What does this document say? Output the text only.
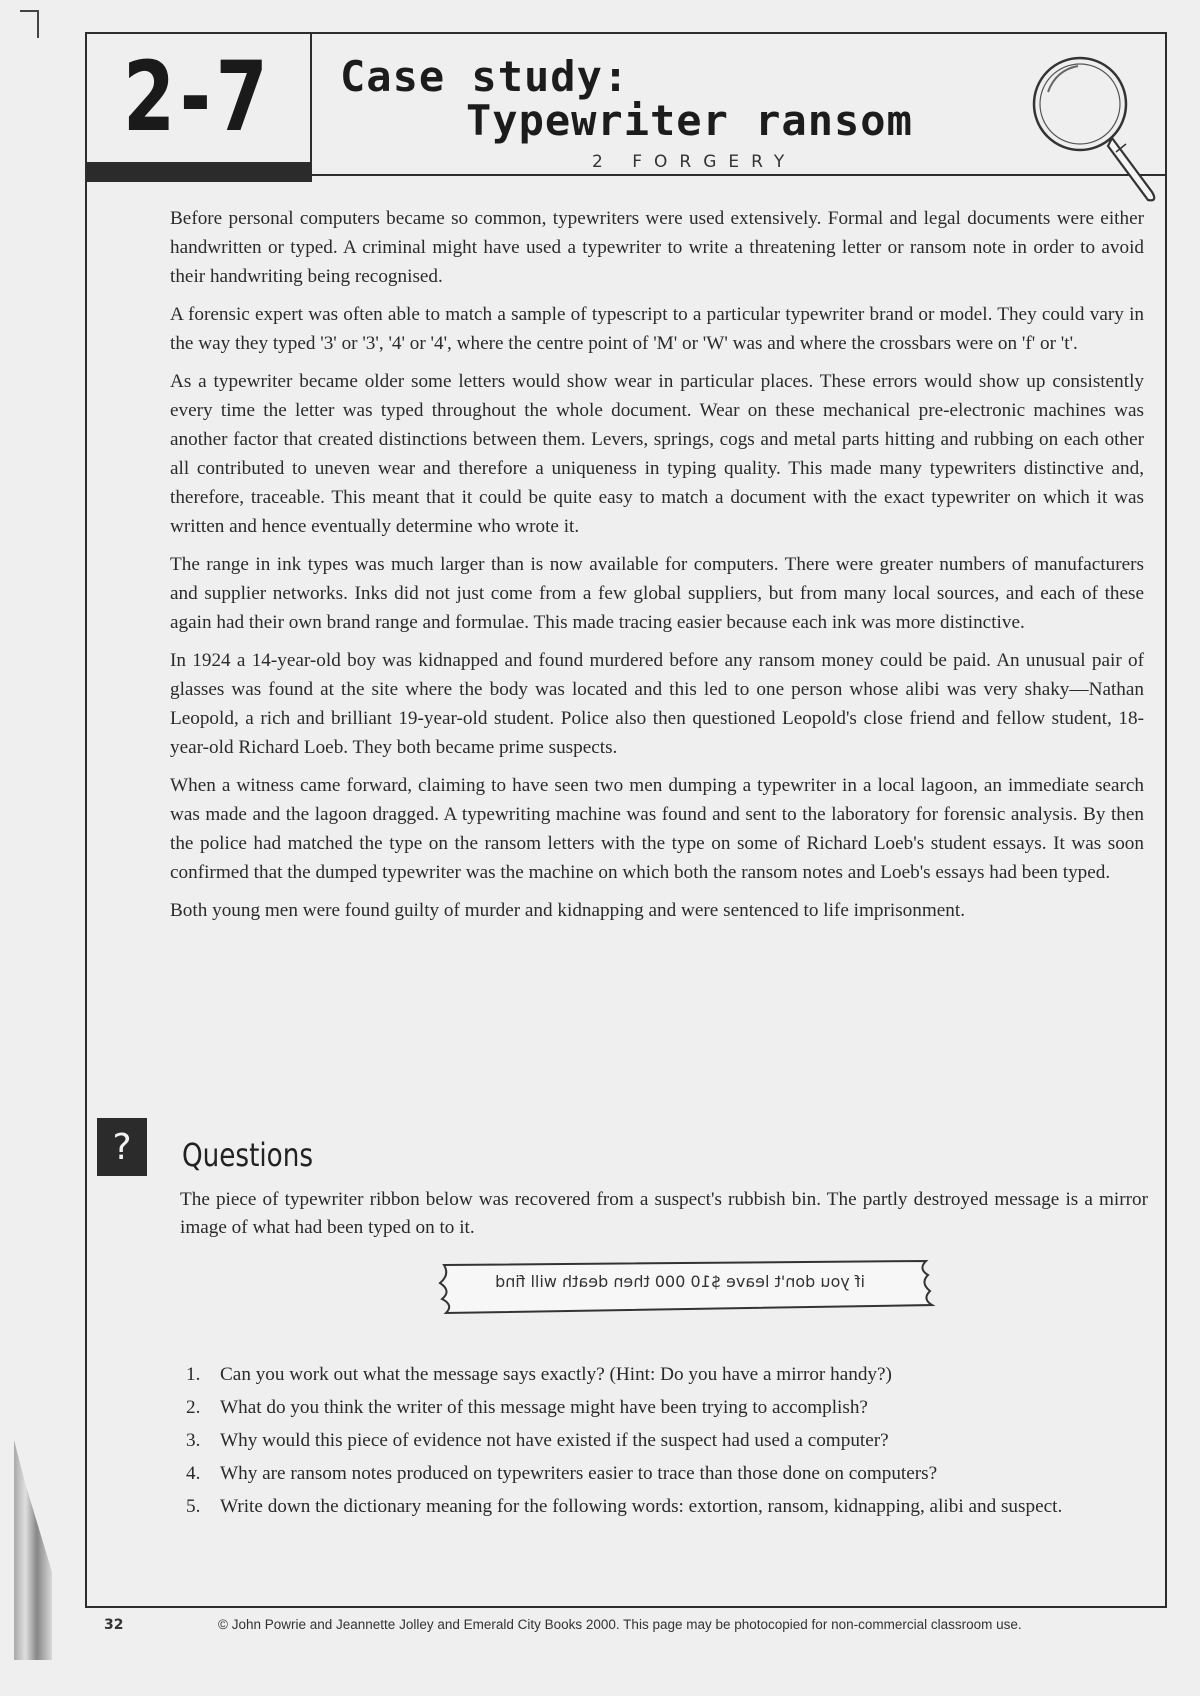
2-7 Case study:
Typewriter ransom
2 FORGERY

Before personal computers became so common, typewriters were used extensively. Formal and legal documents were either handwritten or typed. A criminal might have used a typewriter to write a threatening letter or ransom note in order to avoid their handwriting being recognised.

A forensic expert was often able to match a sample of typescript to a particular typewriter brand or model. They could vary in the way they typed '3' or '3', '4' or '4', where the centre point of 'M' or 'W' was and where the crossbars were on 'f' or 't'.

As a typewriter became older some letters would show wear in particular places. These errors would show up consistently every time the letter was typed throughout the whole document. Wear on these mechanical pre-electronic machines was another factor that created distinctions between them. Levers, springs, cogs and metal parts hitting and rubbing on each other all contributed to uneven wear and therefore a uniqueness in typing quality. This made many typewriters distinctive and, therefore, traceable. This meant that it could be quite easy to match a document with the exact typewriter on which it was written and hence eventually determine who wrote it.

The range in ink types was much larger than is now available for computers. There were greater numbers of manufacturers and supplier networks. Inks did not just come from a few global suppliers, but from many local sources, and each of these again had their own brand range and formulae. This made tracing easier because each ink was more distinctive.

In 1924 a 14-year-old boy was kidnapped and found murdered before any ransom money could be paid. An unusual pair of glasses was found at the site where the body was located and this led to one person whose alibi was very shaky—Nathan Leopold, a rich and brilliant 19-year-old student. Police also then questioned Leopold's close friend and fellow student, 18-year-old Richard Loeb. They both became prime suspects.

When a witness came forward, claiming to have seen two men dumping a typewriter in a local lagoon, an immediate search was made and the lagoon dragged. A typewriting machine was found and sent to the laboratory for forensic analysis. By then the police had matched the type on the ransom letters with the type on some of Richard Loeb's student essays. It was soon confirmed that the dumped typewriter was the machine on which both the ransom notes and Loeb's essays had been typed.

Both young men were found guilty of murder and kidnapping and were sentenced to life imprisonment.

?	Questions
The piece of typewriter ribbon below was recovered from a suspect's rubbish bin. The partly destroyed message is a mirror image of what had been typed on to it.
if you don't leave $10 000 then death will find
1.	Can you work out what the message says exactly? (Hint: Do you have a mirror handy?)
2.	What do you think the writer of this message might have been trying to accomplish?
3.	Why would this piece of evidence not have existed if the suspect had used a computer?
4.	Why are ransom notes produced on typewriters easier to trace than those done on computers?
5.	Write down the dictionary meaning for the following words: extortion, ransom, kidnapping, alibi and suspect.
32	© John Powrie and Jeannette Jolley and Emerald City Books 2000. This page may be photocopied for non-commercial classroom use.
